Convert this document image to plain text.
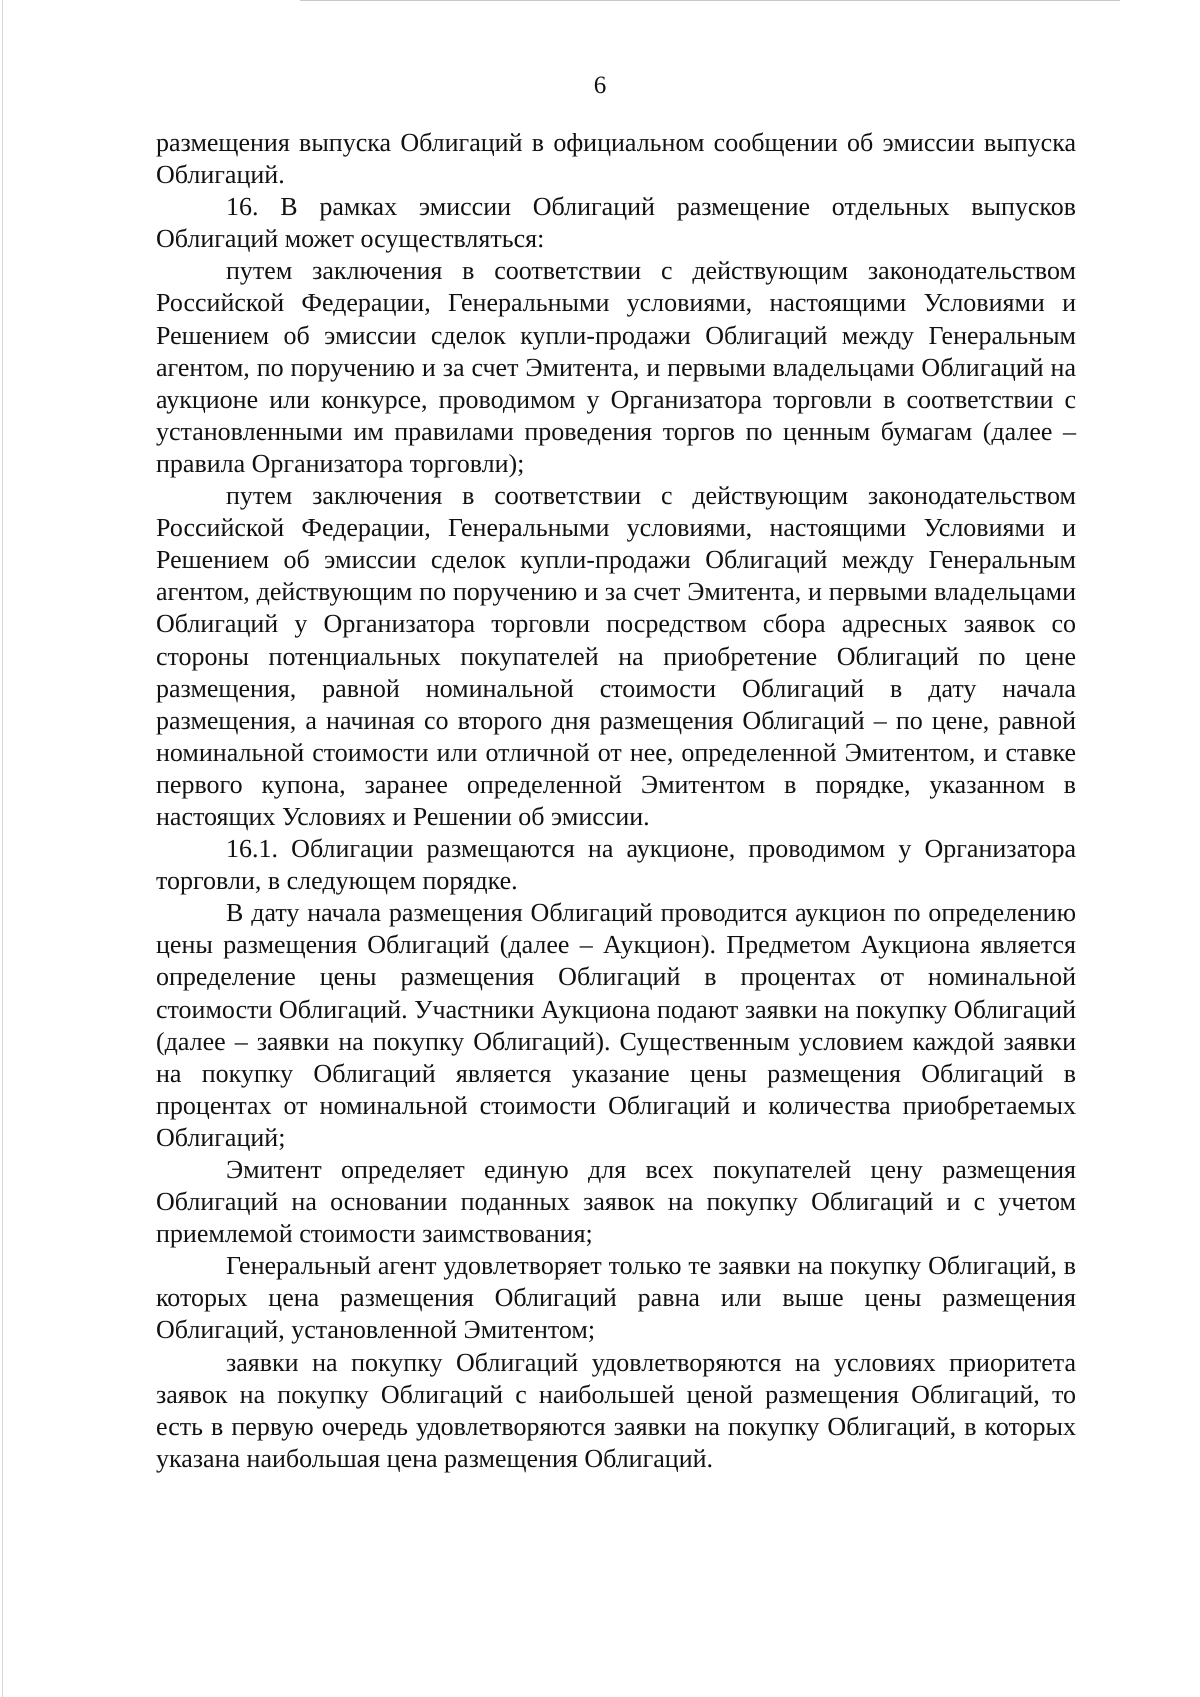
6

размещения выпуска Облигаций в официальном сообщении об эмиссии выпуска Облигаций.

16. В рамках эмиссии Облигаций размещение отдельных выпусков Облигаций может осуществляться:

путем заключения в соответствии с действующим законодательством Российской Федерации, Генеральными условиями, настоящими Условиями и Решением об эмиссии сделок купли-продажи Облигаций между Генеральным агентом, по поручению и за счет Эмитента, и первыми владельцами Облигаций на аукционе или конкурсе, проводимом у Организатора торговли в соответствии с установленными им правилами проведения торгов по ценным бумагам (далее – правила Организатора торговли);

путем заключения в соответствии с действующим законодательством Российской Федерации, Генеральными условиями, настоящими Условиями и Решением об эмиссии сделок купли-продажи Облигаций между Генеральным агентом, действующим по поручению и за счет Эмитента, и первыми владельцами Облигаций у Организатора торговли посредством сбора адресных заявок со стороны потенциальных покупателей на приобретение Облигаций по цене размещения, равной номинальной стоимости Облигаций в дату начала размещения, а начиная со второго дня размещения Облигаций – по цене, равной номинальной стоимости или отличной от нее, определенной Эмитентом, и ставке первого купона, заранее определенной Эмитентом в порядке, указанном в настоящих Условиях и Решении об эмиссии.

16.1. Облигации размещаются на аукционе, проводимом у Организатора торговли, в следующем порядке.

В дату начала размещения Облигаций проводится аукцион по определению цены размещения Облигаций (далее – Аукцион). Предметом Аукциона является определение цены размещения Облигаций в процентах от номинальной стоимости Облигаций. Участники Аукциона подают заявки на покупку Облигаций (далее – заявки на покупку Облигаций). Существенным условием каждой заявки на покупку Облигаций является указание цены размещения Облигаций в процентах от номинальной стоимости Облигаций и количества приобретаемых Облигаций;

Эмитент определяет единую для всех покупателей цену размещения Облигаций на основании поданных заявок на покупку Облигаций и с учетом приемлемой стоимости заимствования;

Генеральный агент удовлетворяет только те заявки на покупку Облигаций, в которых цена размещения Облигаций равна или выше цены размещения Облигаций, установленной Эмитентом;

заявки на покупку Облигаций удовлетворяются на условиях приоритета заявок на покупку Облигаций с наибольшей ценой размещения Облигаций, то есть в первую очередь удовлетворяются заявки на покупку Облигаций, в которых указана наибольшая цена размещения Облигаций.
